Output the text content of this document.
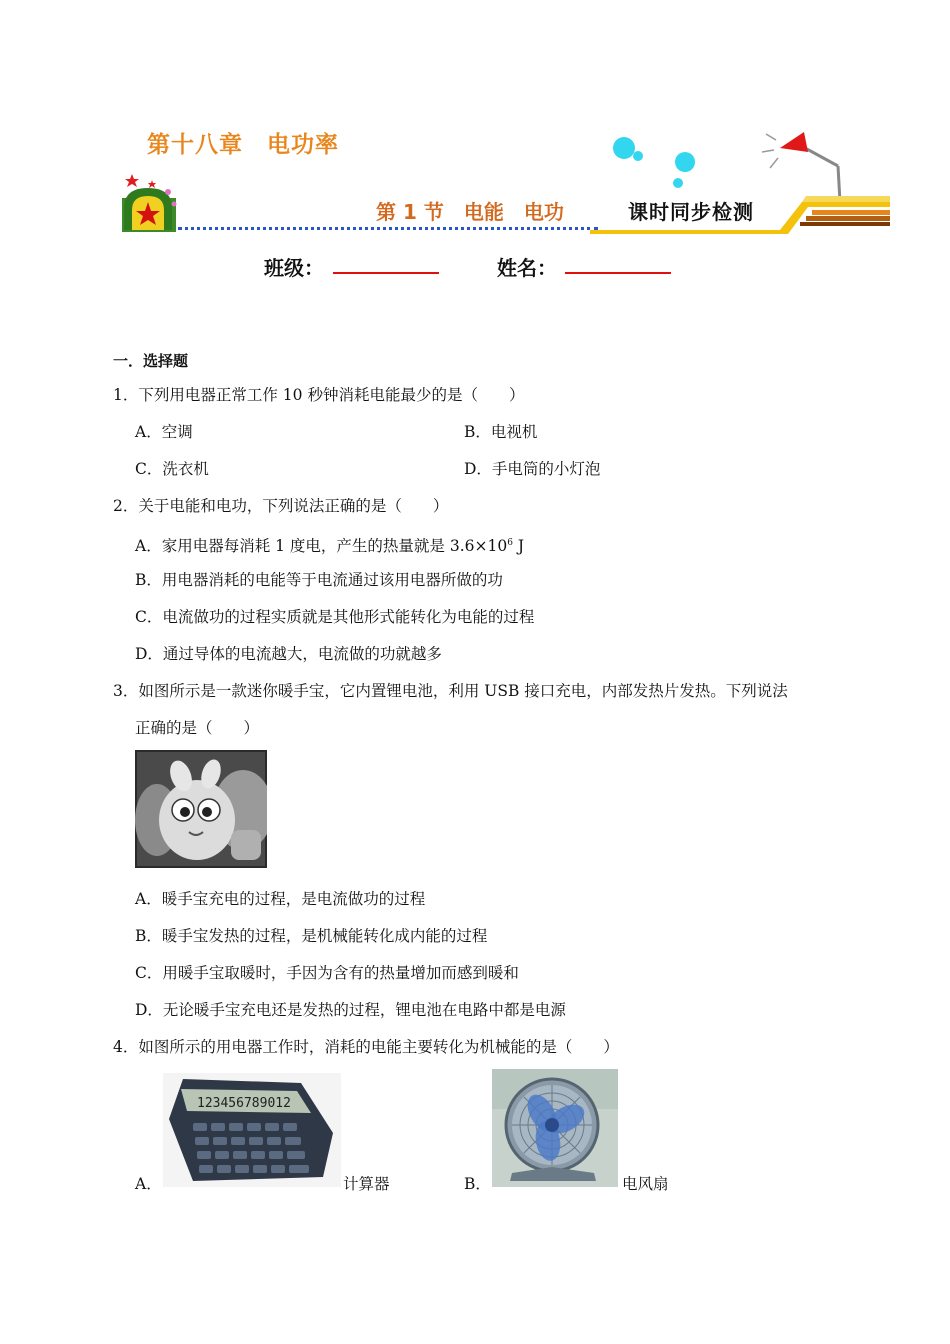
第十八章　电功率
第 1 节　电能　电功	课时同步检测
班级：	姓名：
一．选择题
1．下列用电器正常工作 10 秒钟消耗电能最少的是（　　）
A．空调	B．电视机
C．洗衣机	D．手电筒的小灯泡
2．关于电能和电功，下列说法正确的是（　　）
A．家用电器每消耗 1 度电，产生的热量就是 $3.6\times 10^6$ J
B．用电器消耗的电能等于电流通过该用电器所做的功
C．电流做功的过程实质就是其他形式能转化为电能的过程
D．通过导体的电流越大，电流做的功就越多
3．如图所示是一款迷你暖手宝，它内置锂电池，利用 USB 接口充电，内部发热片发热。下列说法
正确的是（　　）
A．暖手宝充电的过程，是电流做功的过程
B．暖手宝发热的过程，是机械能转化成内能的过程
C．用暖手宝取暖时，手因为含有的热量增加而感到暖和
D．无论暖手宝充电还是发热的过程，锂电池在电路中都是电源
4．如图所示的用电器工作时，消耗的电能主要转化为机械能的是（　　）
123456789012
A．	计算器	B．	电风扇
